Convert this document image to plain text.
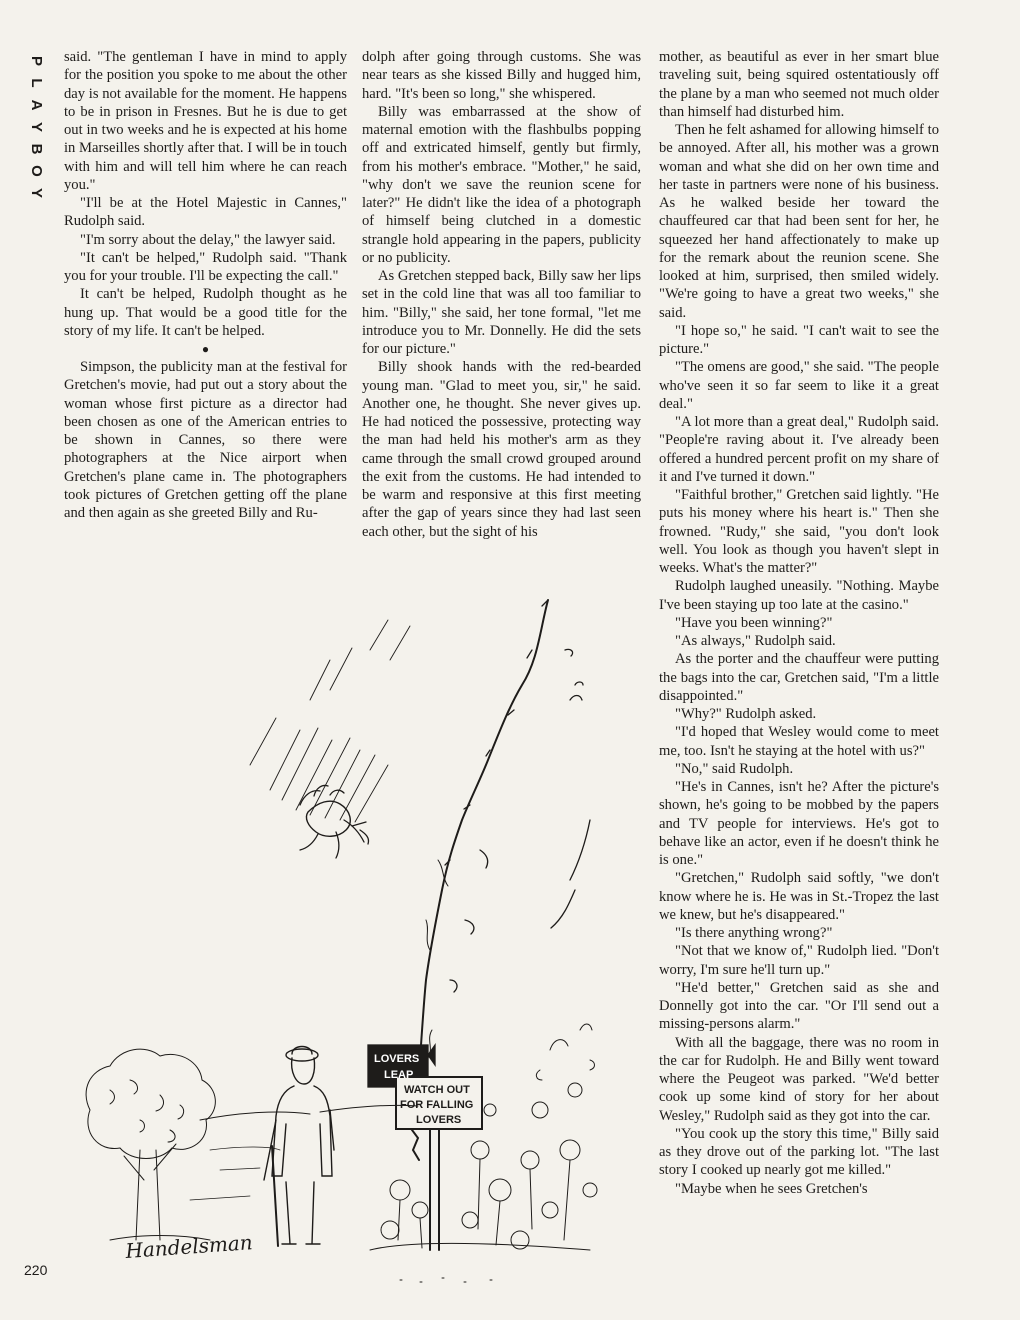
P
L
A
Y
B
O
Y

said. "The gentleman I have in mind to apply for the position you spoke to me about the other day is not available for the moment. He happens to be in prison in Fresnes. But he is due to get out in two weeks and he is expected at his home in Marseilles shortly after that. I will be in touch with him and will tell him where he can reach you."

"I'll be at the Hotel Majestic in Cannes," Rudolph said.

"I'm sorry about the delay," the lawyer said.

"It can't be helped," Rudolph said. "Thank you for your trouble. I'll be expecting the call."

It can't be helped, Rudolph thought as he hung up. That would be a good title for the story of my life. It can't be helped.

●

Simpson, the publicity man at the festival for Gretchen's movie, had put out a story about the woman whose first picture as a director had been chosen as one of the American entries to be shown in Cannes, so there were photographers at the Nice airport when Gretchen's plane came in. The photographers took pictures of Gretchen getting off the plane and then again as she greeted Billy and Ru-

dolph after going through customs. She was near tears as she kissed Billy and hugged him, hard. "It's been so long," she whispered.

Billy was embarrassed at the show of maternal emotion with the flashbulbs popping off and extricated himself, gently but firmly, from his mother's embrace. "Mother," he said, "why don't we save the reunion scene for later?" He didn't like the idea of a photograph of himself being clutched in a domestic strangle hold appearing in the papers, publicity or no publicity.

As Gretchen stepped back, Billy saw her lips set in the cold line that was all too familiar to him. "Billy," she said, her tone formal, "let me introduce you to Mr. Donnelly. He did the sets for our picture."

Billy shook hands with the red-bearded young man. "Glad to meet you, sir," he said. Another one, he thought. She never gives up. He had noticed the possessive, protecting way the man had held his mother's arm as they came through the small crowd grouped around the exit from the customs. He had intended to be warm and responsive at this first meeting after the gap of years since they had last seen each other, but the sight of his

mother, as beautiful as ever in her smart blue traveling suit, being squired ostentatiously off the plane by a man who seemed not much older than himself had disturbed him.

Then he felt ashamed for allowing himself to be annoyed. After all, his mother was a grown woman and what she did on her own time and her taste in partners were none of his business. As he walked beside her toward the chauffeured car that had been sent for her, he squeezed her hand affectionately to make up for the remark about the reunion scene. She looked at him, surprised, then smiled widely. "We're going to have a great two weeks," she said.

"I hope so," he said. "I can't wait to see the picture."

"The omens are good," she said. "The people who've seen it so far seem to like it a great deal."

"A lot more than a great deal," Rudolph said. "People're raving about it. I've already been offered a hundred percent profit on my share of it and I've turned it down."

"Faithful brother," Gretchen said lightly. "He puts his money where his heart is." Then she frowned. "Rudy," she said, "you don't look well. You look as though you haven't slept in weeks. What's the matter?"

Rudolph laughed uneasily. "Nothing. Maybe I've been staying up too late at the casino."

"Have you been winning?"

"As always," Rudolph said.

As the porter and the chauffeur were putting the bags into the car, Gretchen said, "I'm a little disappointed."

"Why?" Rudolph asked.

"I'd hoped that Wesley would come to meet me, too. Isn't he staying at the hotel with us?"

"No," said Rudolph.

"He's in Cannes, isn't he? After the picture's shown, he's going to be mobbed by the papers and TV people for interviews. He's got to behave like an actor, even if he doesn't think he is one."

"Gretchen," Rudolph said softly, "we don't know where he is. He was in St.-Tropez the last we knew, but he's disappeared."

"Is there anything wrong?"

"Not that we know of," Rudolph lied. "Don't worry, I'm sure he'll turn up."

"He'd better," Gretchen said as she and Donnelly got into the car. "Or I'll send out a missing-persons alarm."

With all the baggage, there was no room in the car for Rudolph. He and Billy went toward where the Peugeot was parked. "We'd better cook up some kind of story for her about Wesley," Rudolph said as they got into the car.

"You cook up the story this time," Billy said as they drove out of the parking lot. "The last story I cooked up nearly got me killed."

"Maybe when he sees Gretchen's

LOVERS
LEAP
WATCH OUT
FOR FALLING
LOVERS
Handelsman
220
